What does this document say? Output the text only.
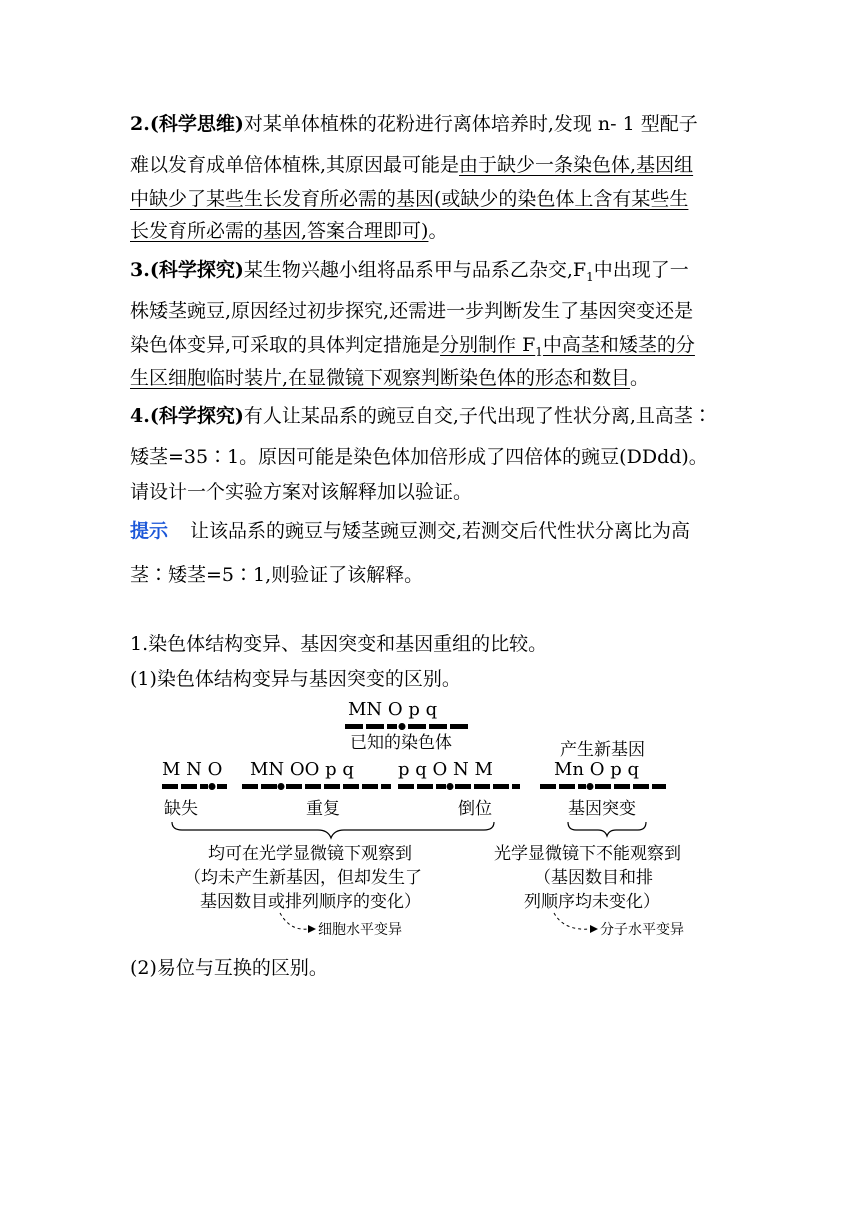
2.(科学思维)对某单体植株的花粉进行离体培养时,发现 n- 1 型配子
难以发育成单倍体植株,其原因最可能是由于缺少一条染色体,基因组
中缺少了某些生长发育所必需的基因(或缺少的染色体上含有某些生
长发育所必需的基因,答案合理即可)。
3.(科学探究)某生物兴趣小组将品系甲与品系乙杂交$,F_1$中出现了一
株矮茎豌豆,原因经过初步探究,还需进一步判断发生了基因突变还是
染色体变异,可采取的具体判定措施是分别制作 $F_1$中高茎和矮茎的分
生区细胞临时装片,在显微镜下观察判断染色体的形态和数目。
4.(科学探究)有人让某品系的豌豆自交,子代出现了性状分离,且高茎∶
矮茎=35∶1。原因可能是染色体加倍形成了四倍体的豌豆(DDdd)。
请设计一个实验方案对该解释加以验证。
提示 让该品系的豌豆与矮茎豌豆测交,若测交后代性状分离比为高
茎∶矮茎=5∶1,则验证了该解释。
1.染色体结构变异、基因突变和基因重组的比较。
(1)染色体结构变异与基因突变的区别。
MN O p q
已知的染色体	产生新基因
M N O MN OO p q p q O N M	Mn O p q
缺失	重复	倒位	基因突变
均可在光学显微镜下观察到
（均未产生新基因，但却发生了
基因数目或排列顺序的变化）
光学显微镜下不能观察到
（基因数目和排
列顺序均未变化）
细胞水平变异	分子水平变异
(2)易位与互换的区别。
